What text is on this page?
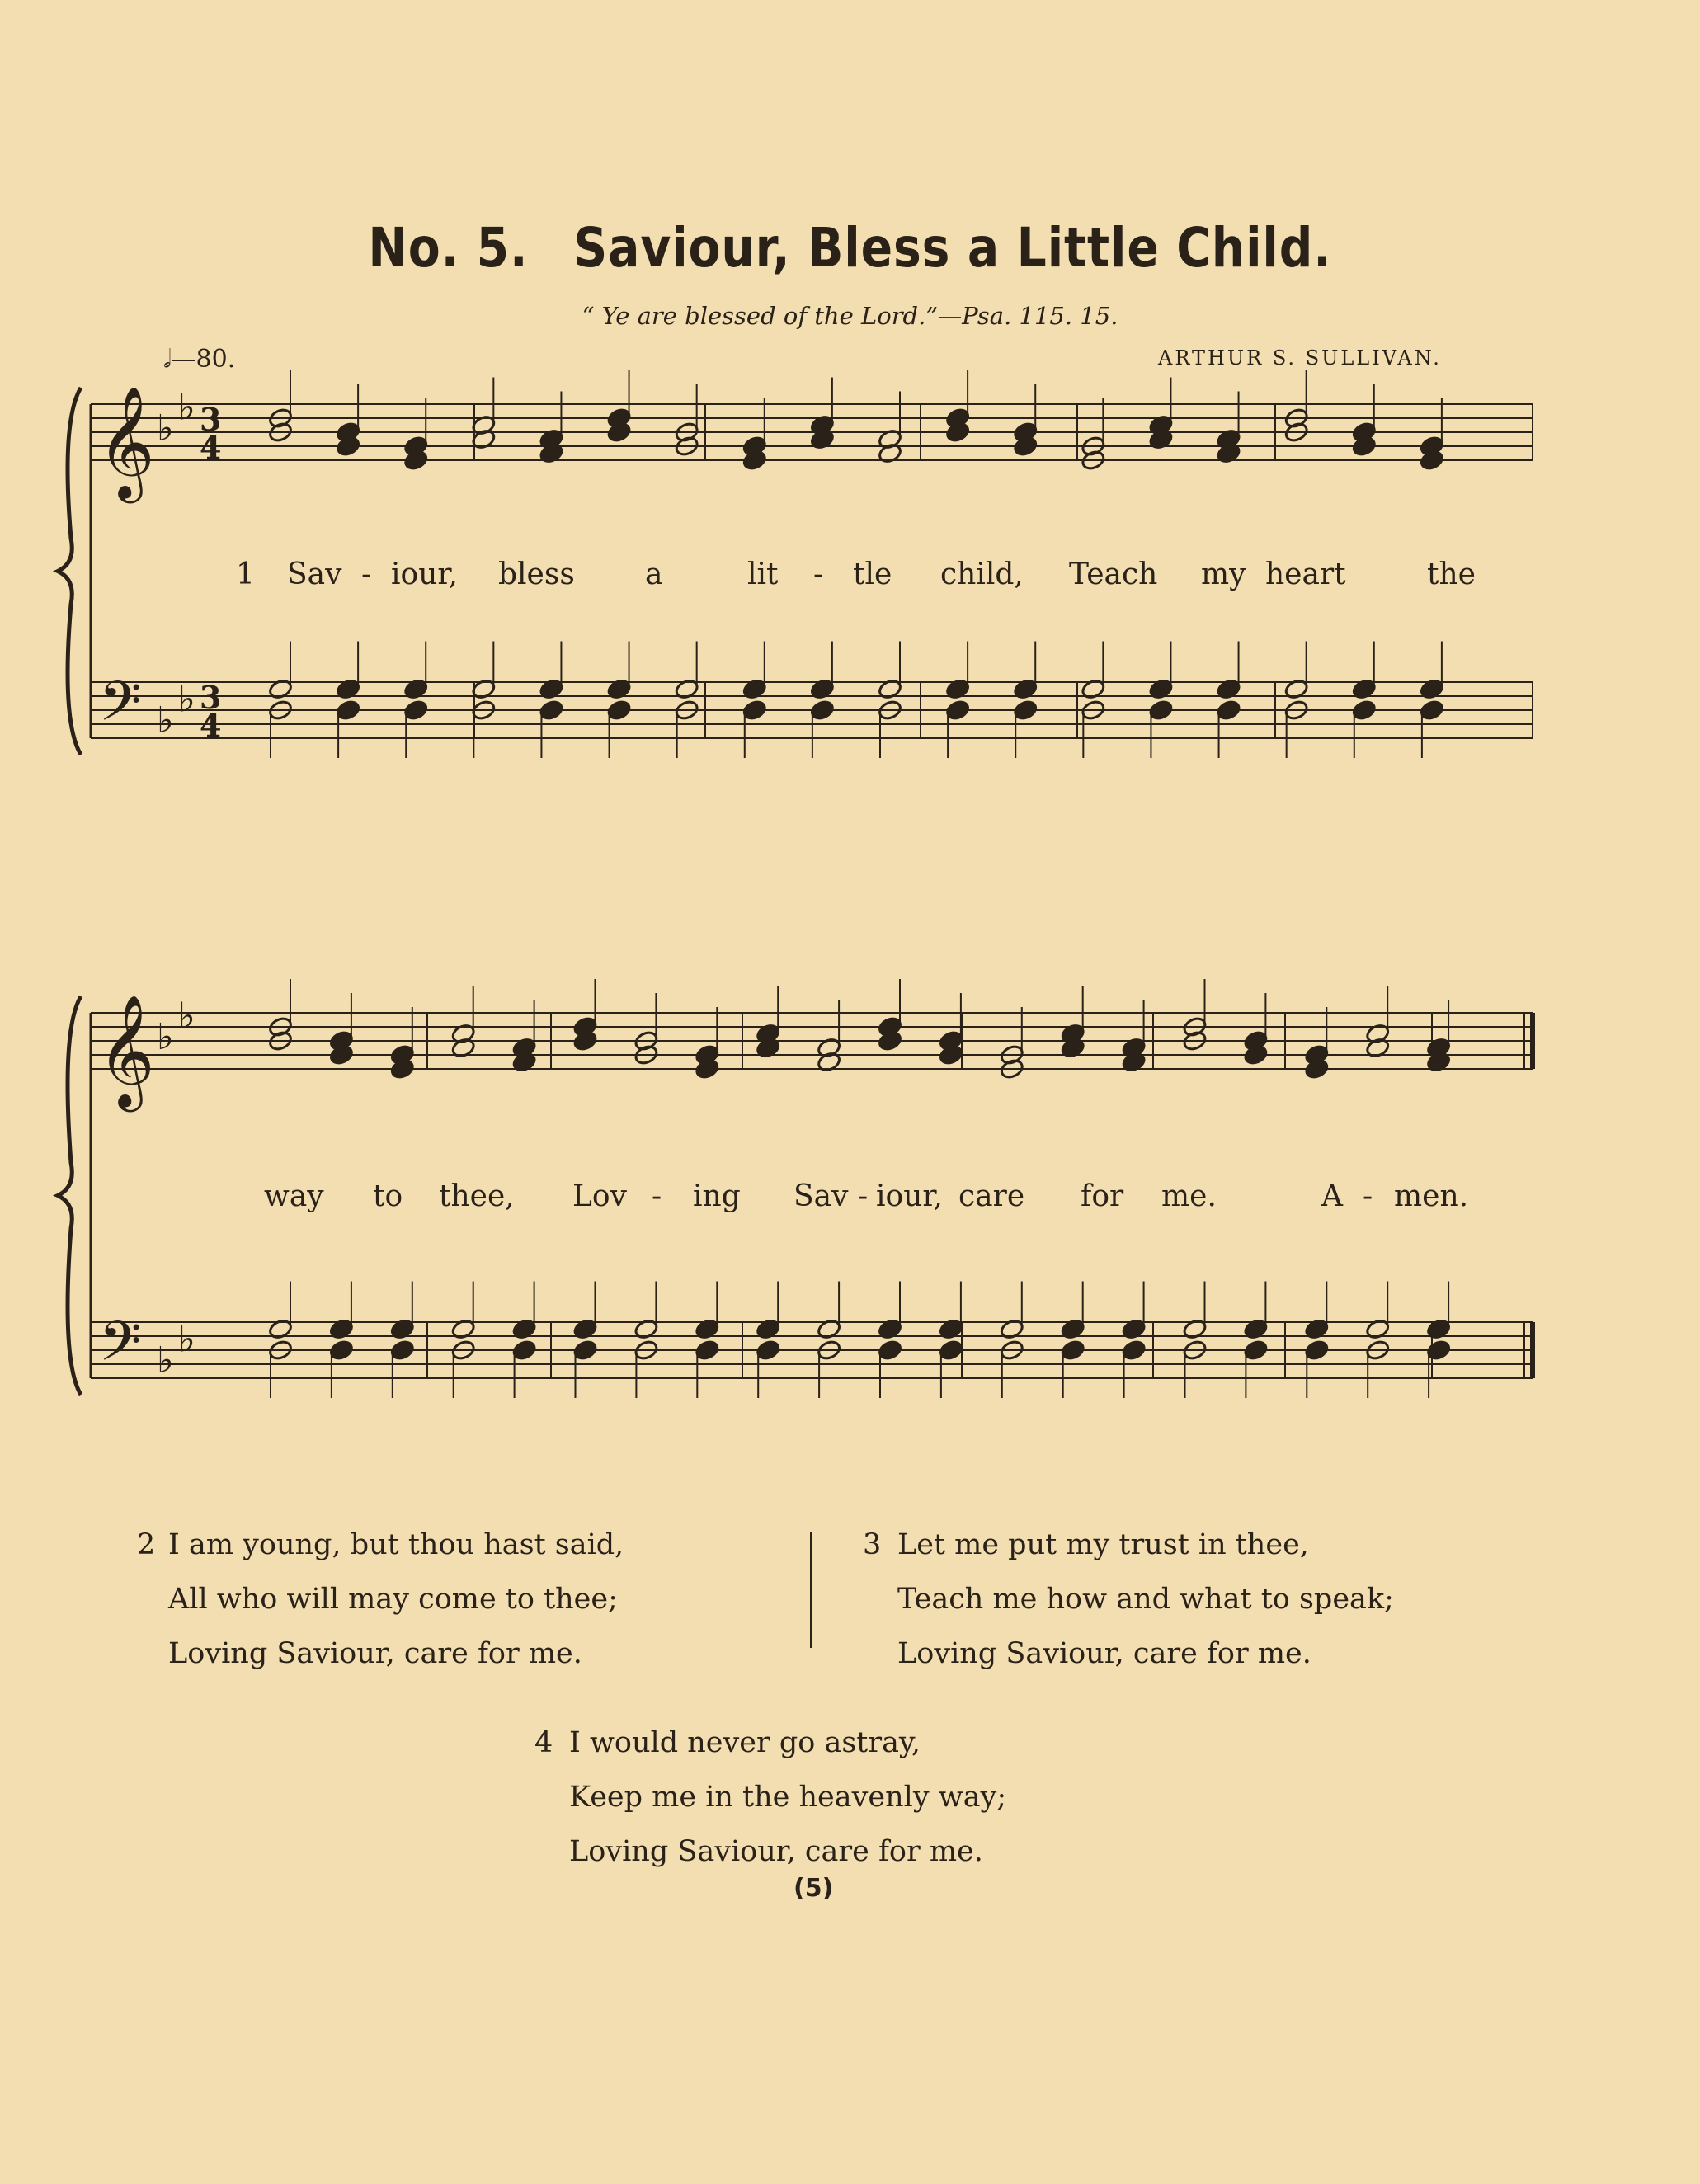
No. 5. Saviour, Bless a Little Child.
“ Ye are blessed of the Lord.”—Psa. 115. 15.
𝅗𝅥—80.	ARTHUR S. SULLIVAN.
𝄞
𝄢
♭ ♭
♭ ♭
3
4
3
4
𝄞
𝄢
♭ ♭
♭ ♭
1 Sav - iour, bless a	lit - tle child, Teach my heart	the
way to thee, Lov - ing Sav - iour, care for me.	A - men.
2 I am young, but thou hast said,
All who will may come to thee;
Loving Saviour, care for me.
3 Let me put my trust in thee,
Teach me how and what to speak;
Loving Saviour, care for me.
4 I would never go astray,
Keep me in the heavenly way;
Loving Saviour, care for me.
(5)
